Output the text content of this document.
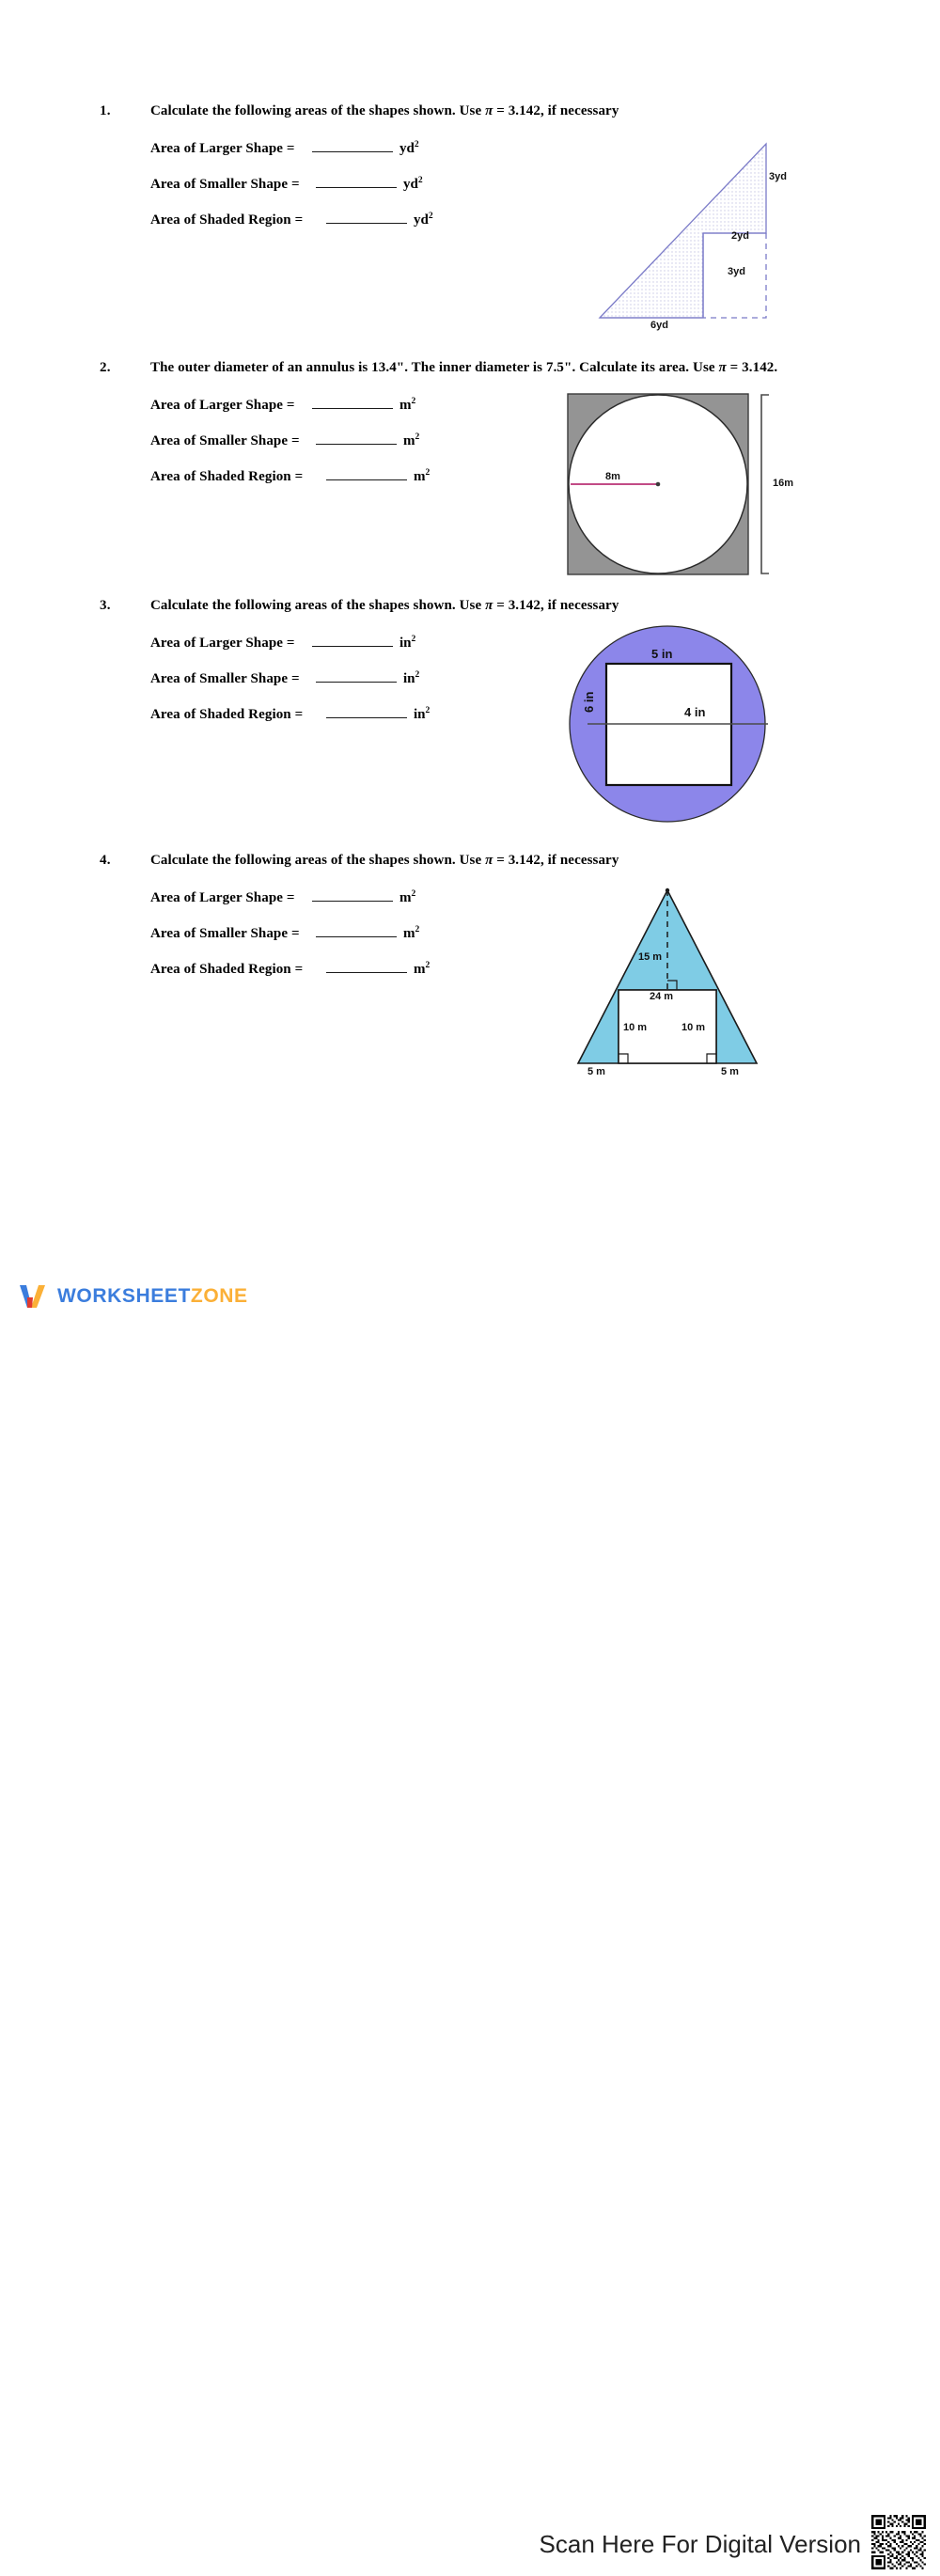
1.	Calculate the following areas of the shapes shown. Use π = 3.142, if necessary
Area of Larger Shape =	$yd^2$
Area of Smaller Shape =	$yd^2$
Area of Shaded Region =	$yd^2$
3yd
2yd
3yd
6yd
2.	The outer diameter of an annulus is 13.4". The inner diameter is 7.5". Calculate its area. Use π = 3.142.
Area of Larger Shape =	$m^2$
Area of Smaller Shape =	$m^2$
Area of Shaded Region =	$m^2$	8m
16m
3.	Calculate the following areas of the shapes shown. Use π = 3.142, if necessary
Area of Larger Shape =	$in^2$
Area of Smaller Shape =	$in^2$
Area of Shaded Region =	$in^2$
5 in
6 in	4 in
4.	Calculate the following areas of the shapes shown. Use π = 3.142, if necessary
Area of Larger Shape =	$m^2$
Area of Smaller Shape =	$m^2$
Area of Shaded Region =	$m^2$
15 m
24 m
10 m	10 m
5 m	5 m
WORKSHEETZONE
Scan Here For Digital Version
